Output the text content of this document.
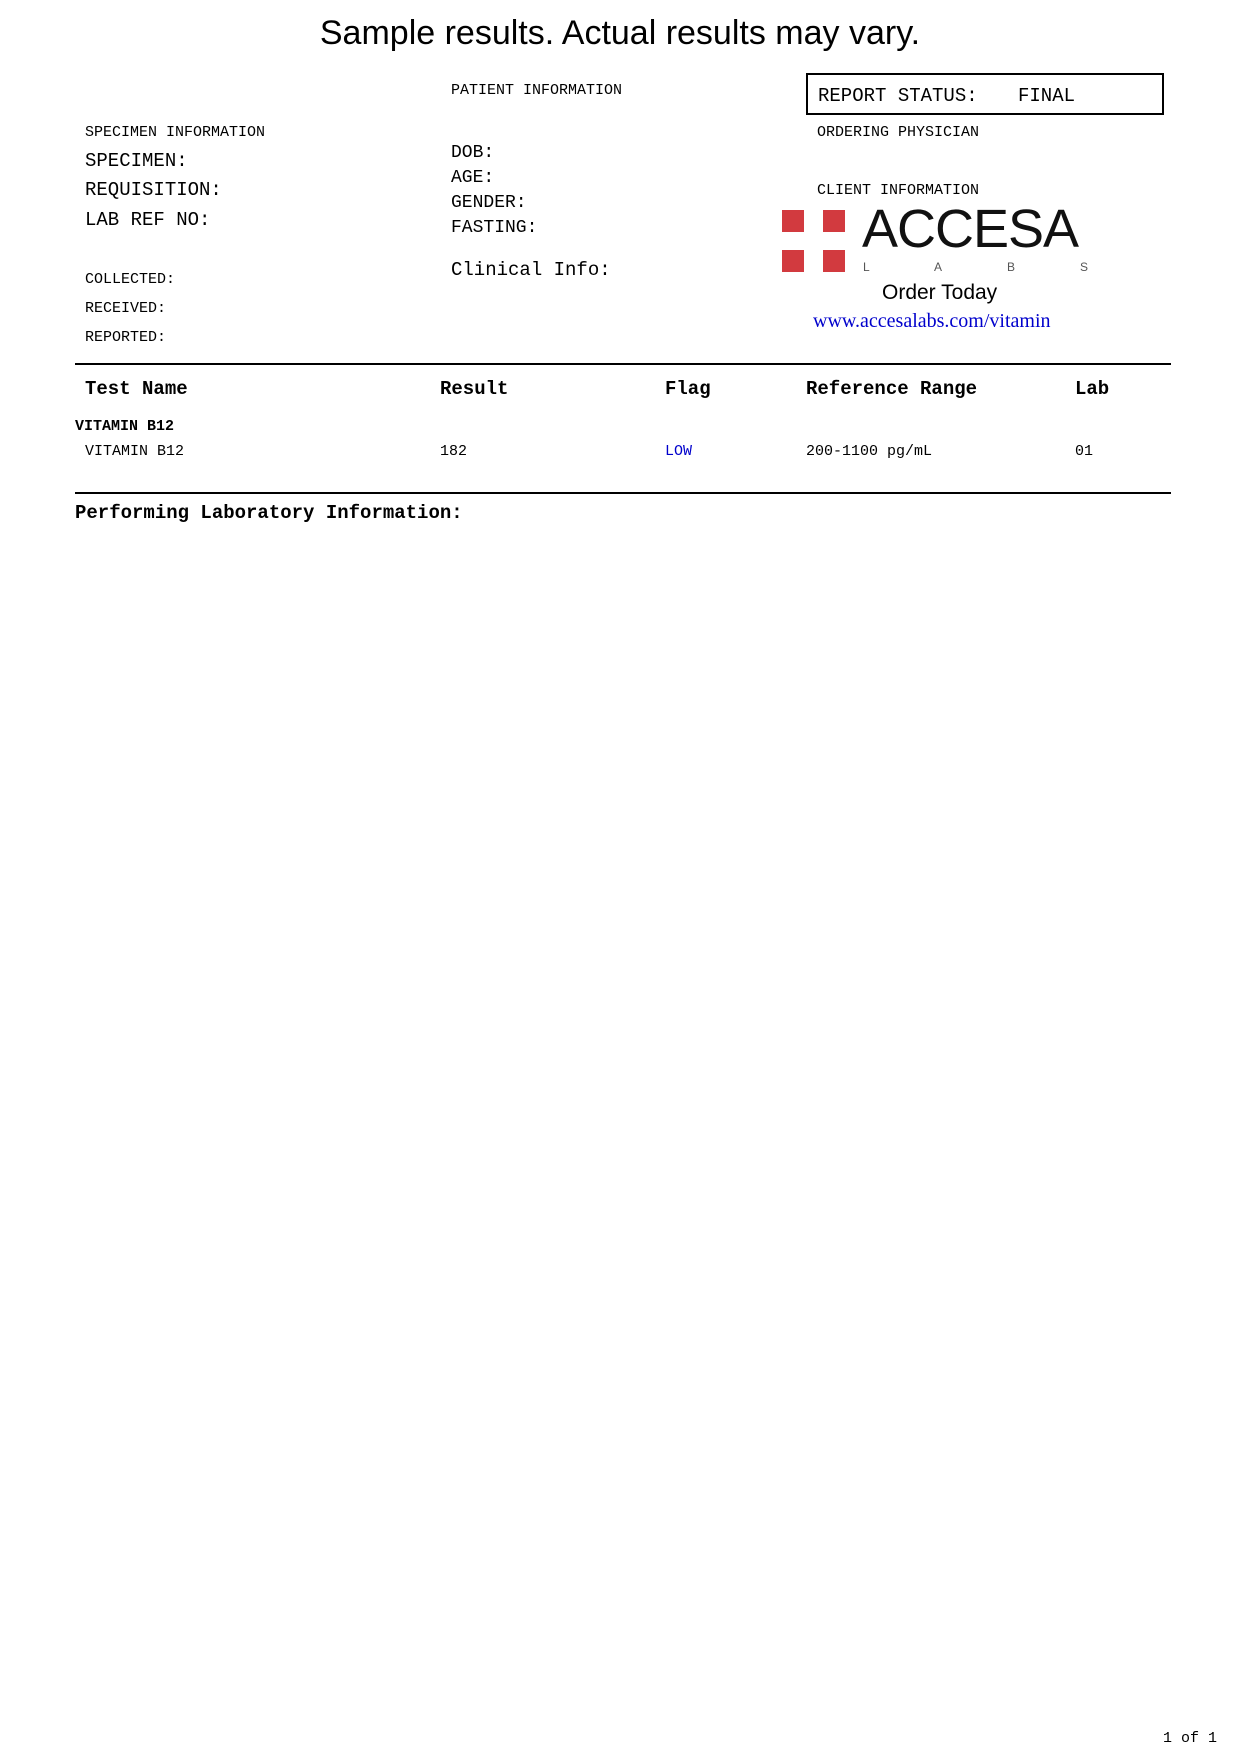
Sample results. Actual results may vary.
PATIENT INFORMATION	REPORT STATUS: FINAL
SPECIMEN INFORMATION	ORDERING PHYSICIAN
SPECIMEN:
REQUISITION:
LAB REF NO:
DOB:
AGE:
GENDER:
FASTING:
Clinical Info:
CLIENT INFORMATION
COLLECTED:
RECEIVED:
REPORTED:
ACCESA
L	A	B	S
Order Today
www.accesalabs.com/vitamin
Test Name	Result	Flag	Reference Range	Lab
VITAMIN B12
VITAMIN B12	182	LOW	200-1100 pg/mL	01
Performing Laboratory Information:
1 of 1
